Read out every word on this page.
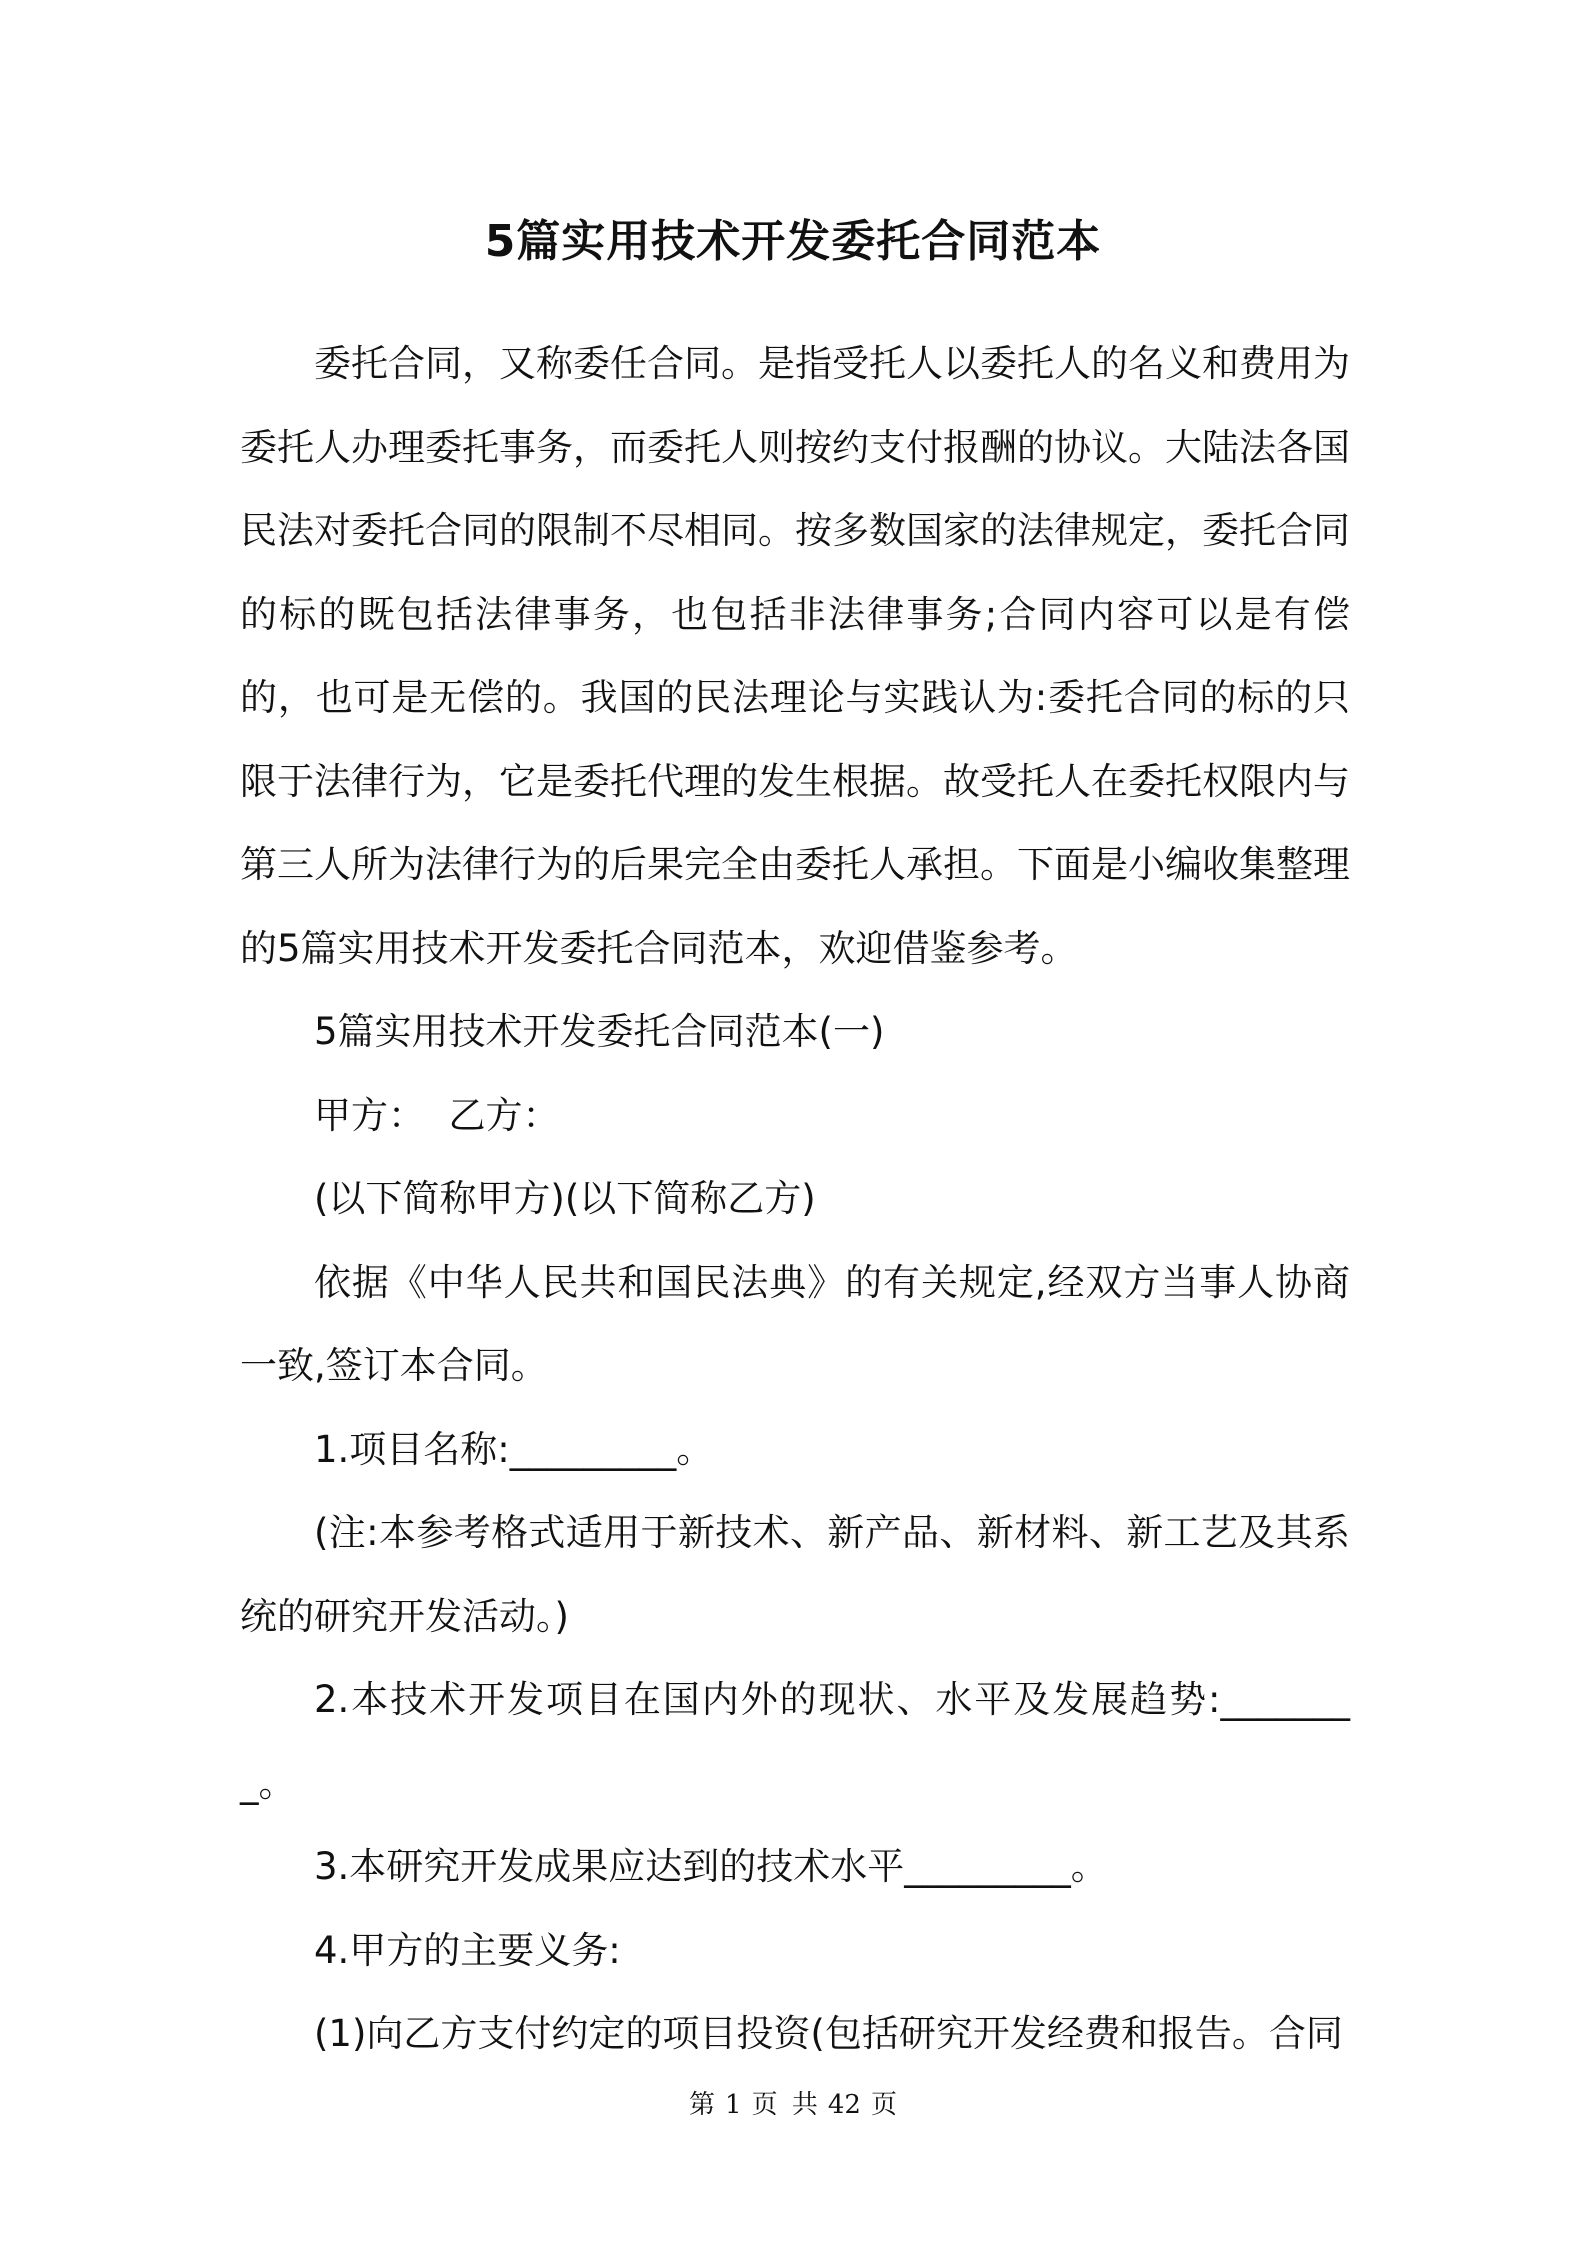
5篇实用技术开发委托合同范本

委托合同，又称委任合同。是指受托人以委托人的名义和费用为委托人办理委托事务，而委托人则按约支付报酬的协议。大陆法各国民法对委托合同的限制不尽相同。按多数国家的法律规定，委托合同的标的既包括法律事务，也包括非法律事务;合同内容可以是有偿的，也可是无偿的。我国的民法理论与实践认为:委托合同的标的只限于法律行为，它是委托代理的发生根据。故受托人在委托权限内与第三人所为法律行为的后果完全由委托人承担。下面是小编收集整理的5篇实用技术开发委托合同范本，欢迎借鉴参考。

5篇实用技术开发委托合同范本(一)

甲方：  乙方：

(以下简称甲方)(以下简称乙方)

依据《中华人民共和国民法典》的有关规定,经双方当事人协商一致,签订本合同。

1.项目名称:_________。

(注:本参考格式适用于新技术、新产品、新材料、新工艺及其系统的研究开发活动。)

2.本技术开发项目在国内外的现状、水平及发展趋势:________。

3.本研究开发成果应达到的技术水平_________。

4.甲方的主要义务:

(1)向乙方支付约定的项目投资(包括研究开发经费和报告。合同

第 1 页 共 42 页
